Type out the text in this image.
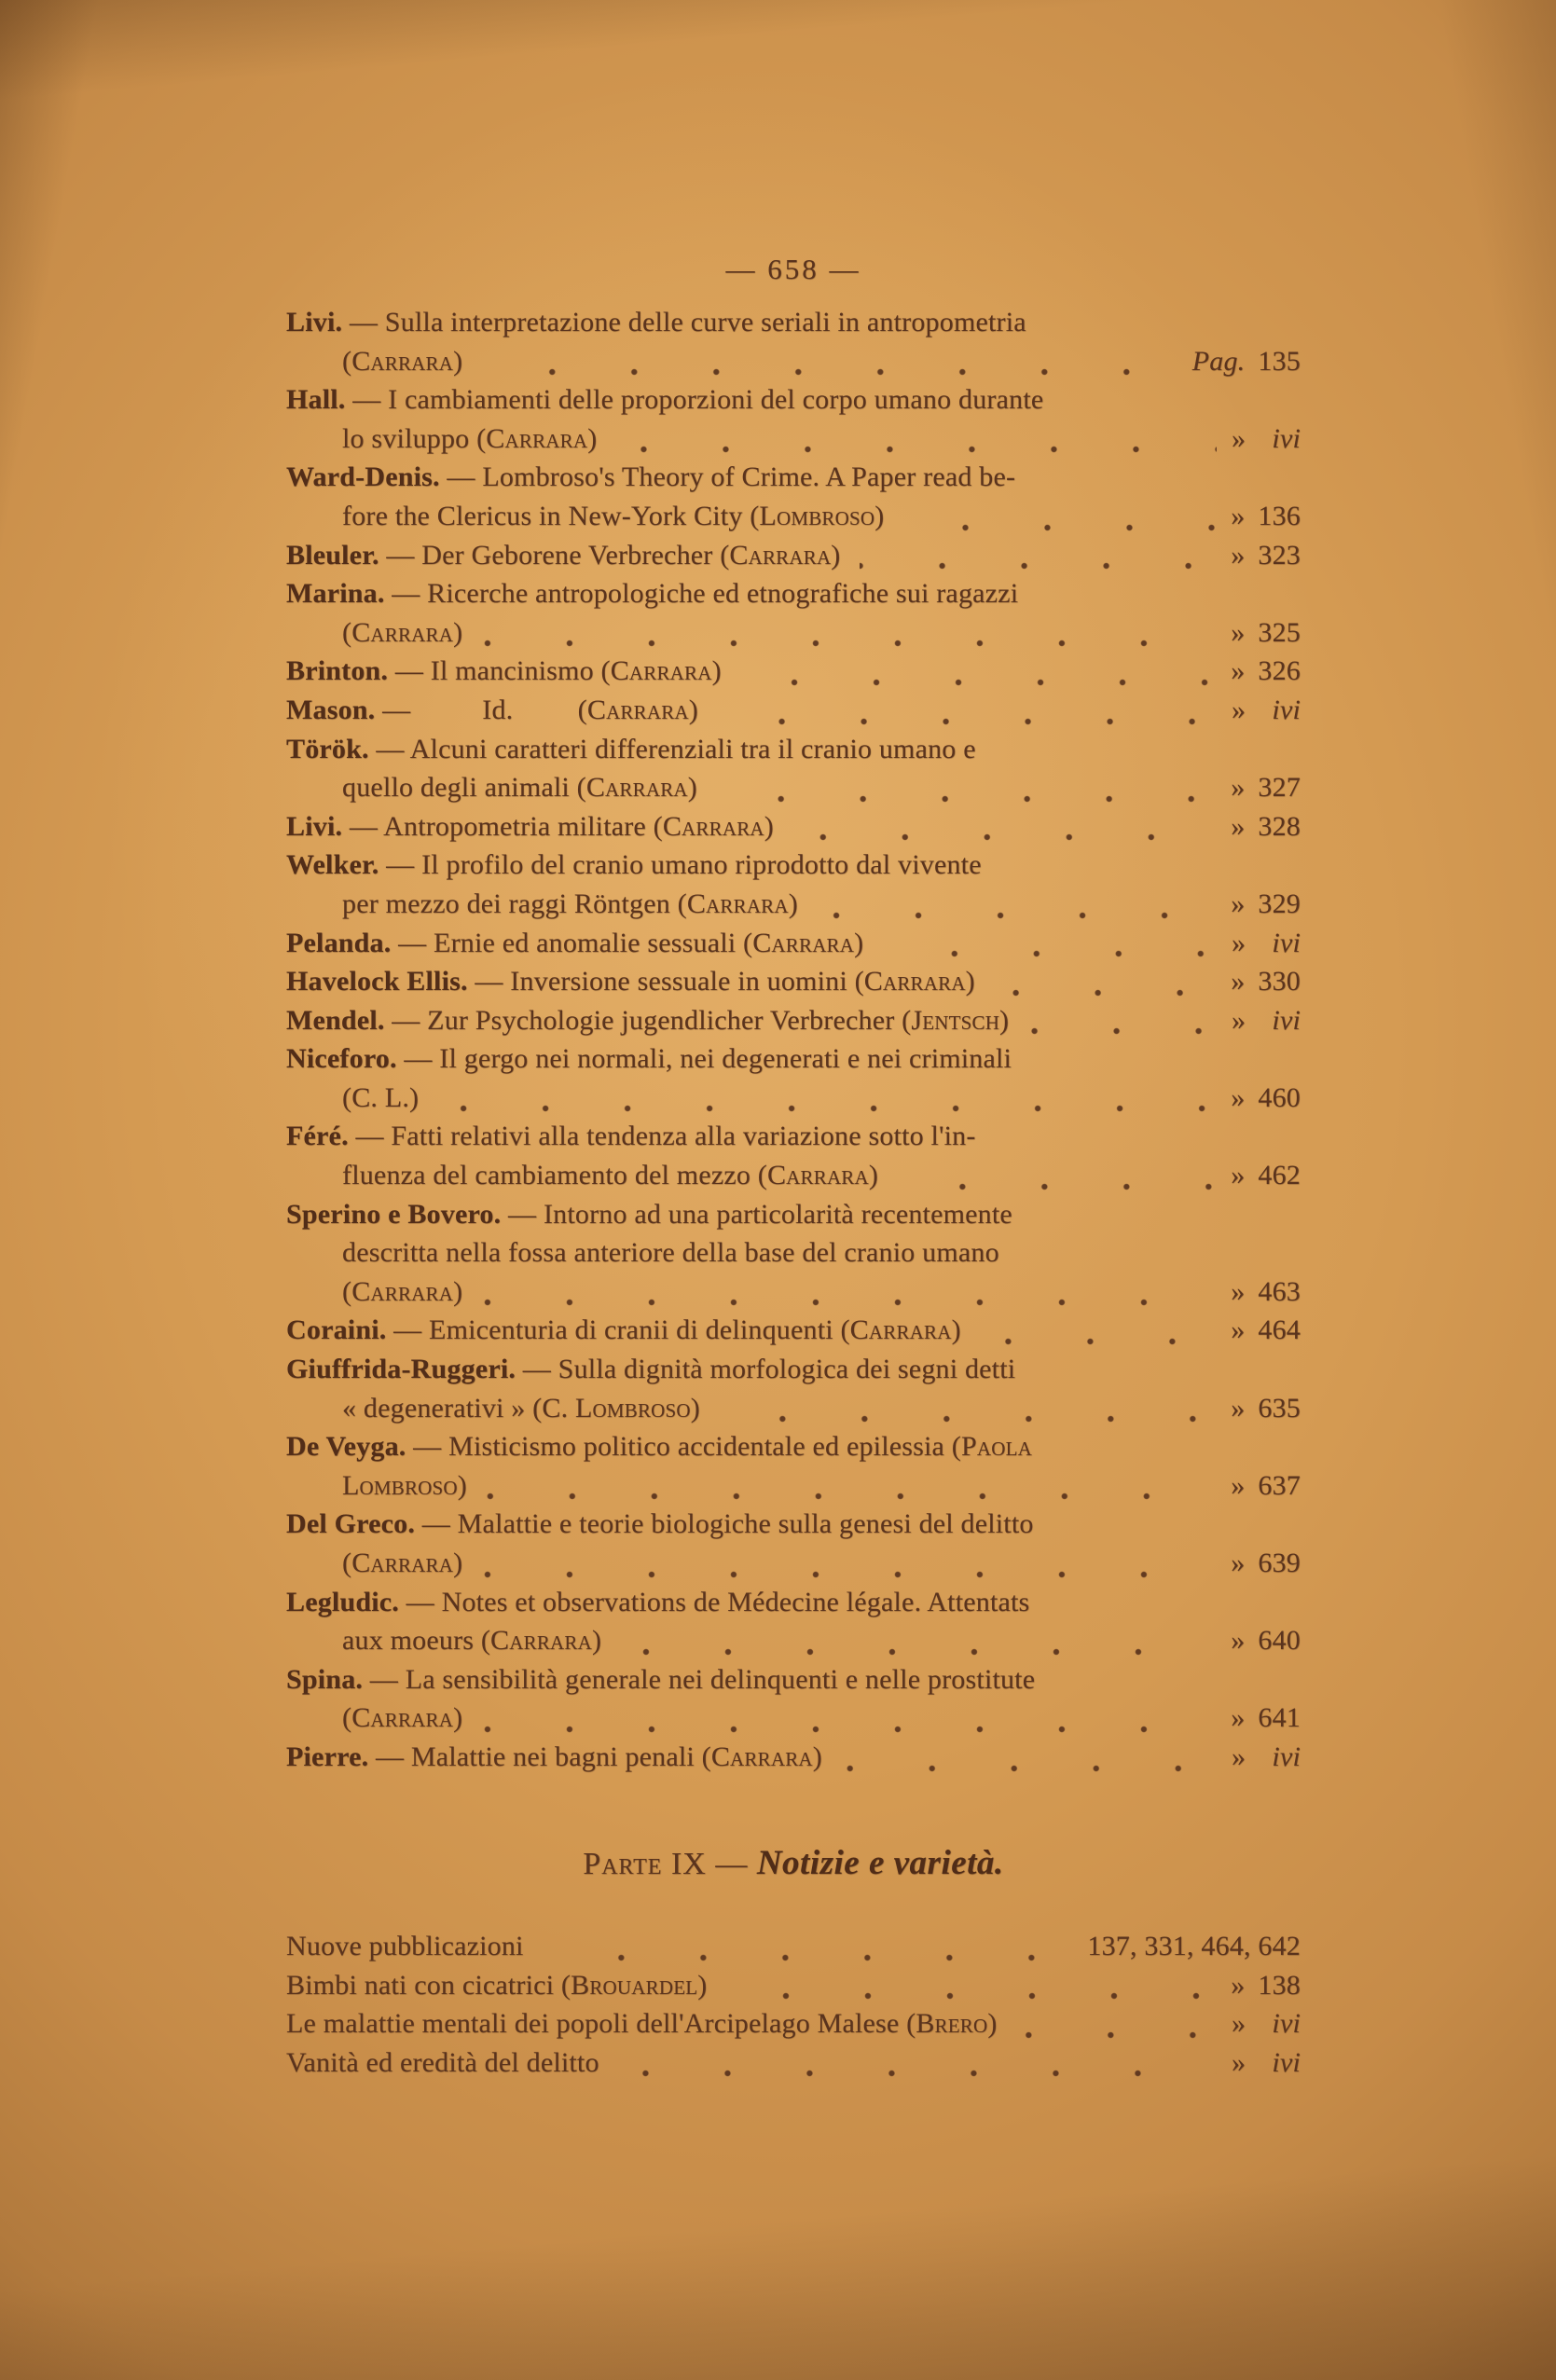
— 658 —
Livi. — Sulla interpretazione delle curve seriali in antropometria
(Carrara)	Pag. 135
Hall. — I cambiamenti delle proporzioni del corpo umano durante
lo sviluppo (Carrara)	» ivi
Ward-Denis. — Lombroso's Theory of Crime. A Paper read be-
fore the Clericus in New-York City (Lombroso)	» 136
Bleuler. — Der Geborene Verbrecher (Carrara)	» 323
Marina. — Ricerche antropologiche ed etnografiche sui ragazzi
(Carrara)	» 325
Brinton. — Il mancinismo (Carrara)	» 326
Mason. —          Id.         (Carrara)	» ivi
Török. — Alcuni caratteri differenziali tra il cranio umano e
quello degli animali (Carrara)	» 327
Livi. — Antropometria militare (Carrara)	» 328
Welker. — Il profilo del cranio umano riprodotto dal vivente
per mezzo dei raggi Röntgen (Carrara)	» 329
Pelanda. — Ernie ed anomalie sessuali (Carrara)	» ivi
Havelock Ellis. — Inversione sessuale in uomini (Carrara)	» 330
Mendel. — Zur Psychologie jugendlicher Verbrecher (Jentsch)	» ivi
Niceforo. — Il gergo nei normali, nei degenerati e nei criminali
(C. L.)	» 460
Féré. — Fatti relativi alla tendenza alla variazione sotto l'in-
fluenza del cambiamento del mezzo (Carrara)	» 462
Sperino e Bovero. — Intorno ad una particolarità recentemente
descritta nella fossa anteriore della base del cranio umano
(Carrara)	» 463
Coraini. — Emicenturia di cranii di delinquenti (Carrara)	» 464
Giuffrida-Ruggeri. — Sulla dignità morfologica dei segni detti
« degenerativi » (C. Lombroso)	» 635
De Veyga. — Misticismo politico accidentale ed epilessia (Paola
Lombroso)	» 637
Del Greco. — Malattie e teorie biologiche sulla genesi del delitto
(Carrara)	» 639
Legludic. — Notes et observations de Médecine légale. Attentats
aux moeurs (Carrara)	» 640
Spina. — La sensibilità generale nei delinquenti e nelle prostitute
(Carrara)	» 641
Pierre. — Malattie nei bagni penali (Carrara)	» ivi
Parte IX — Notizie e varietà.
Nuove pubblicazioni	137, 331, 464, 642
Bimbi nati con cicatrici (Brouardel)	» 138
Le malattie mentali dei popoli dell'Arcipelago Malese (Brero)	» ivi
Vanità ed eredità del delitto	» ivi
